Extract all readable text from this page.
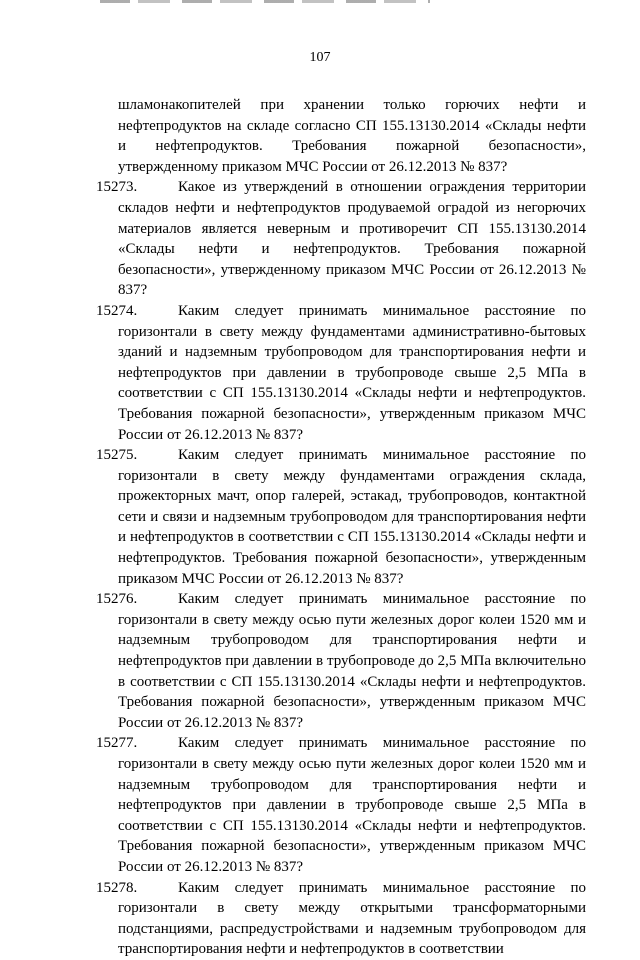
107
шламонакопителей при хранении только горючих нефти и нефтепродуктов на складе согласно СП 155.13130.2014 «Склады нефти и нефтепродуктов. Требования пожарной безопасности», утвержденному приказом МЧС России от 26.12.2013 № 837?
15273.	Какое из утверждений в отношении ограждения территории складов нефти и нефтепродуктов продуваемой оградой из негорючих материалов является неверным и противоречит СП 155.13130.2014 «Склады нефти и нефтепродуктов. Требования пожарной безопасности», утвержденному приказом МЧС России от 26.12.2013 № 837?
15274.	Каким следует принимать минимальное расстояние по горизонтали в свету между фундаментами административно-бытовых зданий и надземным трубопроводом для транспортирования нефти и нефтепродуктов при давлении в трубопроводе свыше 2,5 МПа в соответствии с СП 155.13130.2014 «Склады нефти и нефтепродуктов. Требования пожарной безопасности», утвержденным приказом МЧС России от 26.12.2013 № 837?
15275.	Каким следует принимать минимальное расстояние по горизонтали в свету между фундаментами ограждения склада, прожекторных мачт, опор галерей, эстакад, трубопроводов, контактной сети и связи и надземным трубопроводом для транспортирования нефти и нефтепродуктов в соответствии с СП 155.13130.2014 «Склады нефти и нефтепродуктов. Требования пожарной безопасности», утвержденным приказом МЧС России от 26.12.2013 № 837?
15276.	Каким следует принимать минимальное расстояние по горизонтали в свету между осью пути железных дорог колеи 1520 мм и надземным трубопроводом для транспортирования нефти и нефтепродуктов при давлении в трубопроводе до 2,5 МПа включительно в соответствии с СП 155.13130.2014 «Склады нефти и нефтепродуктов. Требования пожарной безопасности», утвержденным приказом МЧС России от 26.12.2013 № 837?
15277.	Каким следует принимать минимальное расстояние по горизонтали в свету между осью пути железных дорог колеи 1520 мм и надземным трубопроводом для транспортирования нефти и нефтепродуктов при давлении в трубопроводе свыше 2,5 МПа в соответствии с СП 155.13130.2014 «Склады нефти и нефтепродуктов. Требования пожарной безопасности», утвержденным приказом МЧС России от 26.12.2013 № 837?
15278.	Каким следует принимать минимальное расстояние по горизонтали в свету между открытыми трансформаторными подстанциями, распредустройствами и надземным трубопроводом для транспортирования нефти и нефтепродуктов в соответствии
